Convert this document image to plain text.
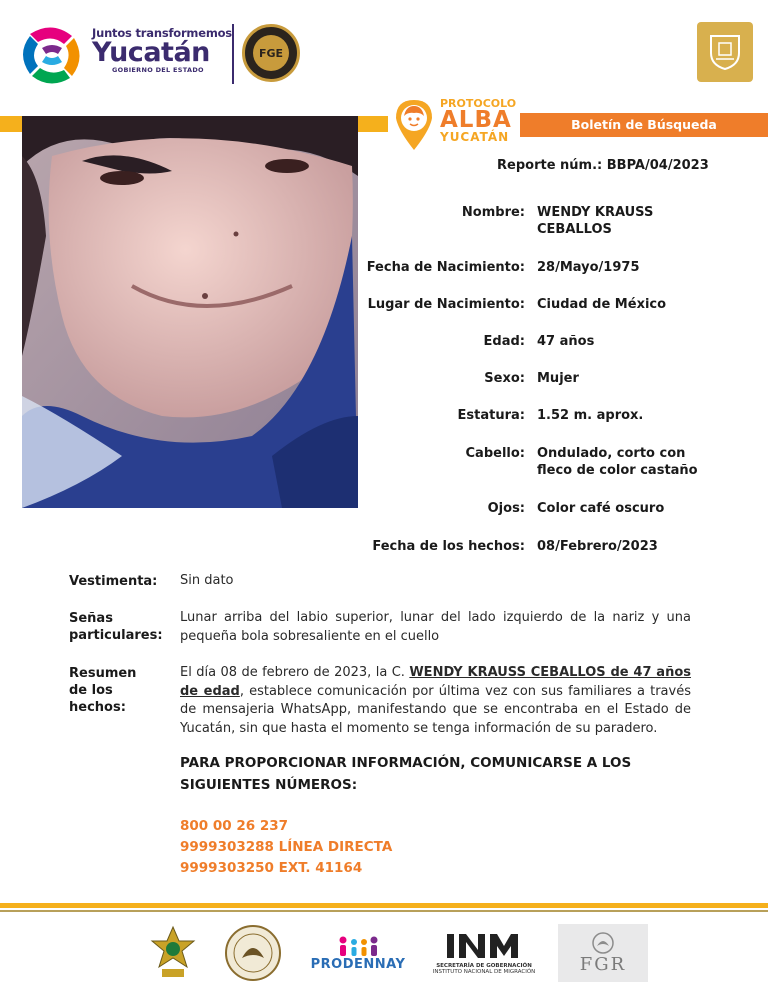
Juntos transformemos
Yucatán
GOBIERNO DEL ESTADO
FGE
Boletín de Búsqueda
PROTOCOLO
ALBA
YUCATÁN
Reporte núm.: BBPA/04/2023
Nombre: WENDY KRAUSS CEBALLOS
Fecha de Nacimiento: 28/Mayo/1975
Lugar de Nacimiento: Ciudad de México
Edad: 47 años
Sexo: Mujer
Estatura: 1.52 m. aprox.
Cabello: Ondulado, corto con fleco de color castaño
Ojos: Color café oscuro
Fecha de los hechos: 08/Febrero/2023
Vestimenta:	Sin dato
Señas particulares:
Lunar arriba del labio superior, lunar del lado izquierdo de la nariz y una pequeña bola sobresaliente en el cuello
Resumen de los hechos:
El día 08 de febrero de 2023, la C. WENDY KRAUSS CEBALLOS de 47 años de edad, establece comunicación por última vez con sus familiares a través de mensajeria WhatsApp, manifestando que se encontraba en el Estado de Yucatán, sin que hasta el momento se tenga información de su paradero.
PARA PROPORCIONAR INFORMACIÓN, COMUNICARSE A LOS SIGUIENTES NÚMEROS:
800 00 26 237
9999303288 LÍNEA DIRECTA
9999303250 EXT. 41164
PRODENNAY	SECRETARÍA DE GOBERNACIÓN
INSTITUTO NACIONAL DE MIGRACIÓN FGR
